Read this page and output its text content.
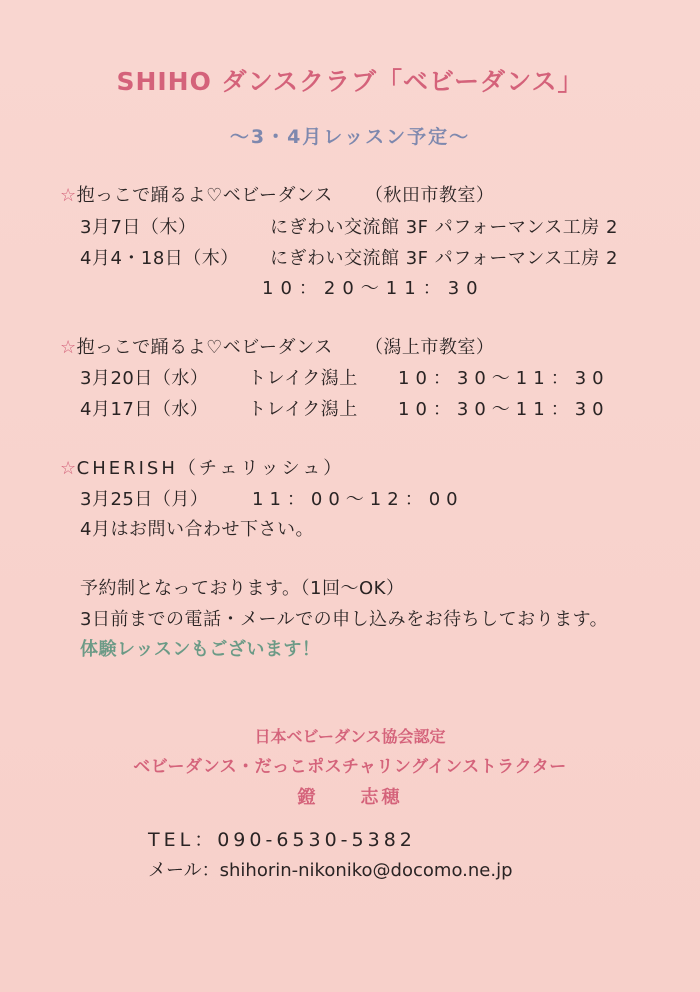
SHIHO ダンスクラブ「ベビーダンス」
～3・4月レッスン予定～
☆抱っこで踊るよ♡ベビーダンス （秋田市教室）
3月7日（木）	にぎわい交流館 3F パフォーマンス工房 2
4月4・18日（木） にぎわい交流館 3F パフォーマンス工房 2
10：20～11：30
☆抱っこで踊るよ♡ベビーダンス （潟上市教室）
3月20日（水） トレイク潟上 10：30～11：30
4月17日（水） トレイク潟上 10：30～11：30
☆CHERISH（チェリッシュ）
3月25日（月） 11：00～12：00
4月はお問い合わせ下さい。
予約制となっております。（1回～OK）
3日前までの電話・メールでの申し込みをお待ちしております。
体験レッスンもございます！
日本ベビーダンス協会認定
ベビーダンス・だっこポスチャリングインストラクター
鐙　　志穂
TEL：090-6530-5382
メール：shihorin-nikoniko@docomo.ne.jp
